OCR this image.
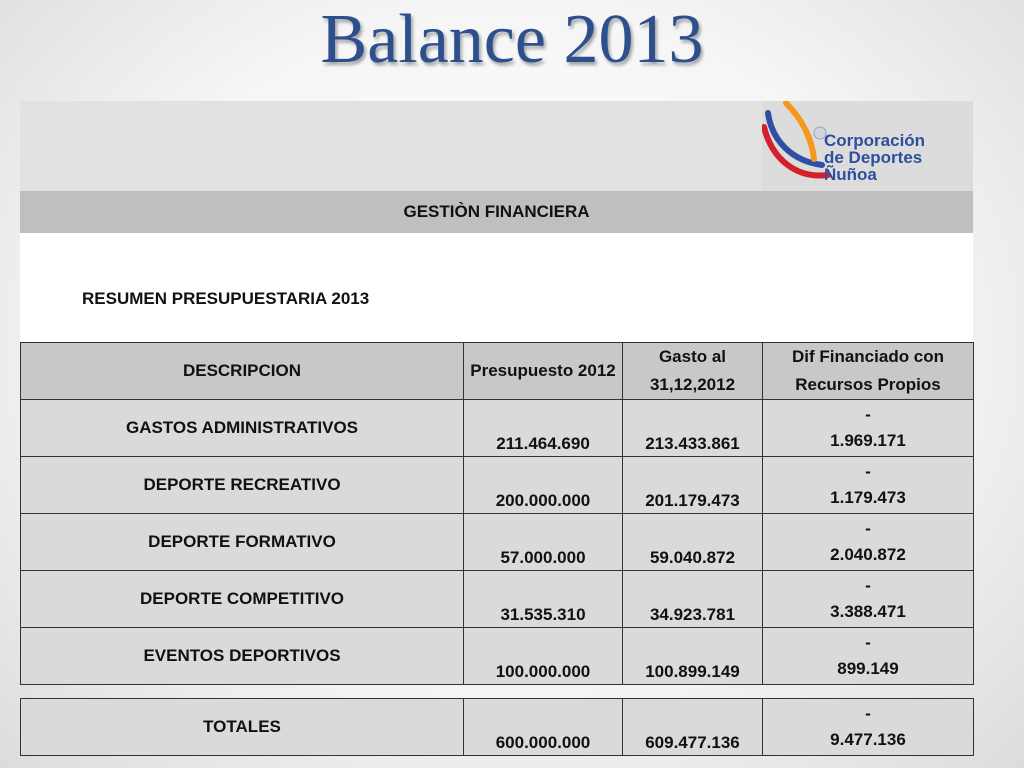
Balance 2013
Corporación
de Deportes
Ñuñoa
GESTIÒN FINANCIERA
RESUMEN PRESUPUESTARIA 2013
DESCRIPCION	Presupuesto 2012	Gasto al 31,12,2012	Dif Financiado con Recursos Propios
GASTOS ADMINISTRATIVOS	211.464.690	213.433.861	-
1.969.171

DEPORTE RECREATIVO	200.000.000	201.179.473	-
1.179.473

DEPORTE FORMATIVO	57.000.000	59.040.872	-
2.040.872

DEPORTE COMPETITIVO	31.535.310	34.923.781	-
3.388.471

EVENTOS DEPORTIVOS	100.000.000	100.899.149	-
899.149
TOTALES	600.000.000	609.477.136	
-
9.477.136
